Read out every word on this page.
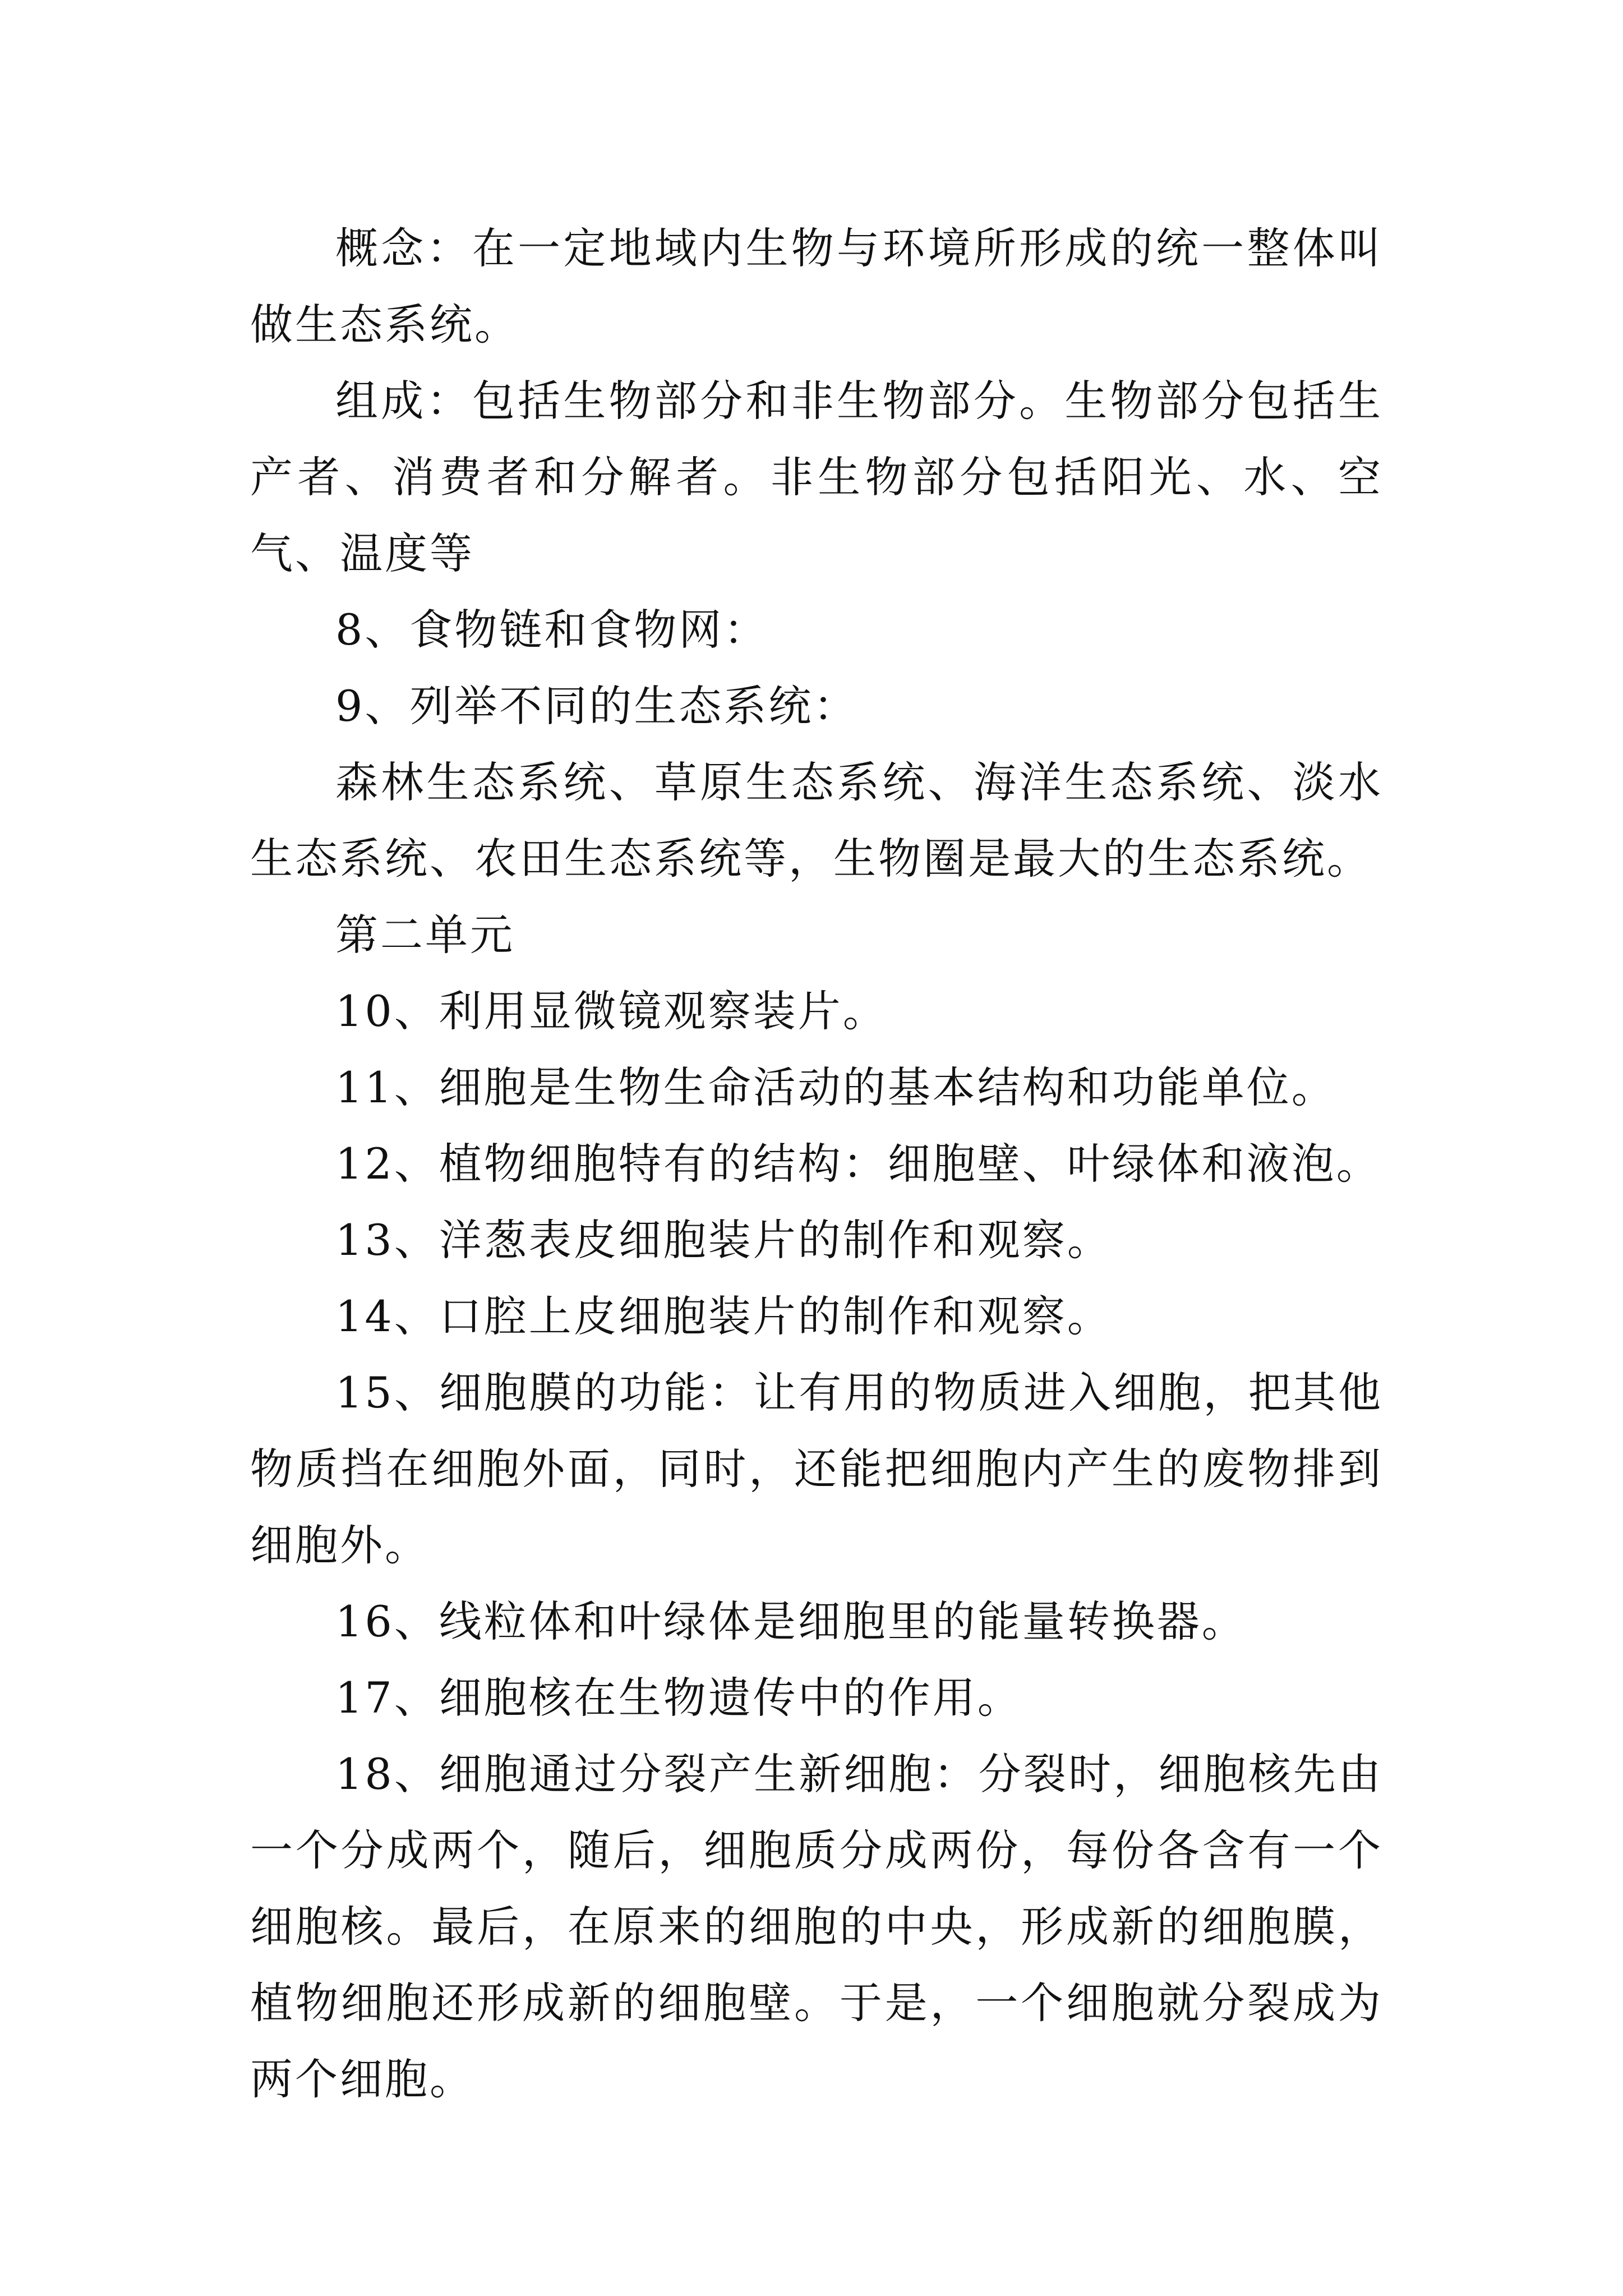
概念：在一定地域内生物与环境所形成的统一整体叫做生态系统。

组成：包括生物部分和非生物部分。生物部分包括生产者、消费者和分解者。非生物部分包括阳光、水、空气、温度等

8、食物链和食物网：

9、列举不同的生态系统：

森林生态系统、草原生态系统、海洋生态系统、淡水生态系统、农田生态系统等，生物圈是最大的生态系统。

第二单元

10、利用显微镜观察装片。

11、细胞是生物生命活动的基本结构和功能单位。

12、植物细胞特有的结构：细胞壁、叶绿体和液泡。

13、洋葱表皮细胞装片的制作和观察。

14、口腔上皮细胞装片的制作和观察。

15、细胞膜的功能：让有用的物质进入细胞，把其他物质挡在细胞外面，同时，还能把细胞内产生的废物排到细胞外。

16、线粒体和叶绿体是细胞里的能量转换器。

17、细胞核在生物遗传中的作用。

18、细胞通过分裂产生新细胞：分裂时，细胞核先由一个分成两个，随后，细胞质分成两份，每份各含有一个细胞核。最后，在原来的细胞的中央，形成新的细胞膜，植物细胞还形成新的细胞壁。于是，一个细胞就分裂成为两个细胞。
